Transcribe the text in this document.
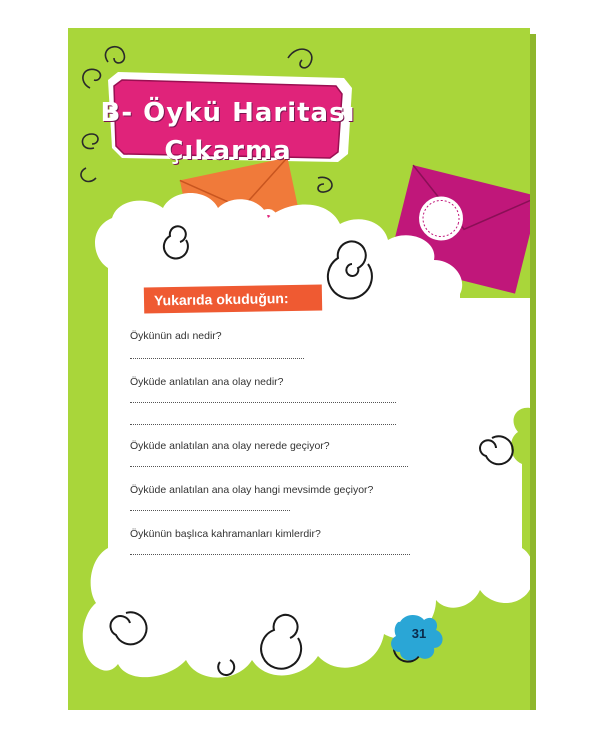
B- Öykü Haritası
Çıkarma
Yukarıda okuduğun:
Öykünün adı nedir?
Öyküde anlatılan ana olay nedir?
Öyküde anlatılan ana olay nerede geçiyor?
Öyküde anlatılan ana olay hangi mevsimde geçiyor?
Öykünün başlıca kahramanları kimlerdir?
31
